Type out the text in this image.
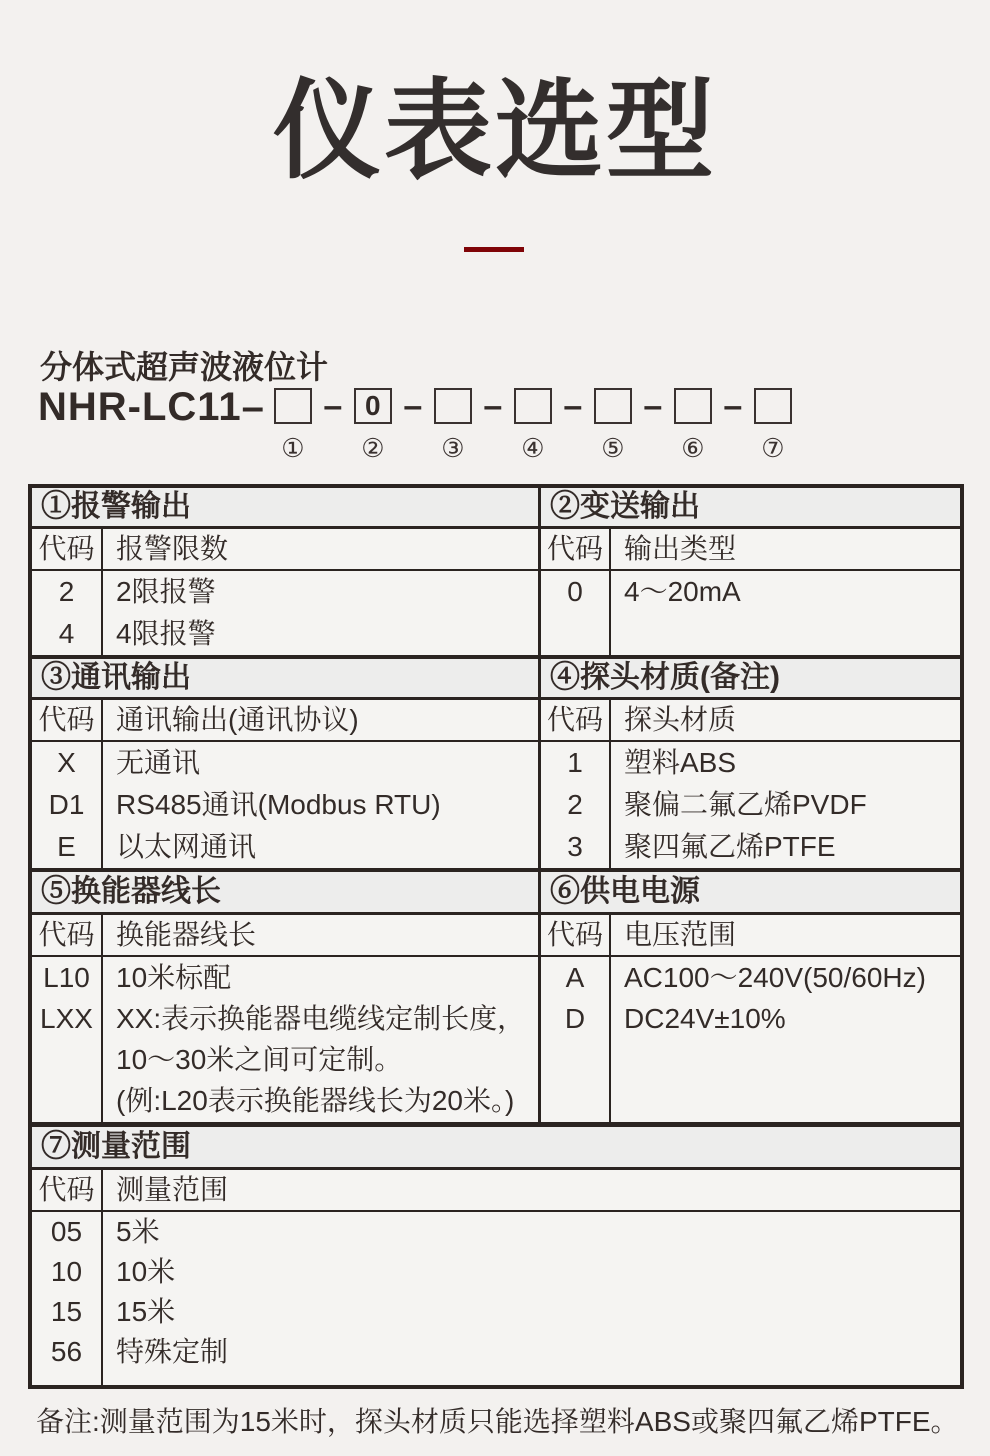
仪表选型
分体式超声波液位计
NHR-LC11–
①
– 0
②
–
③
–
④
–
⑤
–
⑥
–
⑦
①报警输出
代码 报警限数
2
4
2限报警
4限报警
②变送输出
代码 输出类型
0	4～20mA
③通讯输出
代码 通讯输出(通讯协议)
X
D1
E
无通讯
RS485通讯(Modbus RTU)
以太网通讯
④探头材质(备注)
代码 探头材质
1
2
3
塑料ABS
聚偏二氟乙烯PVDF
聚四氟乙烯PTFE
⑤换能器线长
代码 换能器线长
L10
LXX
10米标配
XX:表示换能器电缆线定制长度，
10～30米之间可定制。
(例:L20表示换能器线长为20米。)
⑥供电电源
代码 电压范围
A
D
AC100～240V(50/60Hz)
DC24V±10%
⑦测量范围
代码 测量范围
05
10
15
56
5米
10米
15米
特殊定制
备注:测量范围为15米时，探头材质只能选择塑料ABS或聚四氟乙烯PTFE。
